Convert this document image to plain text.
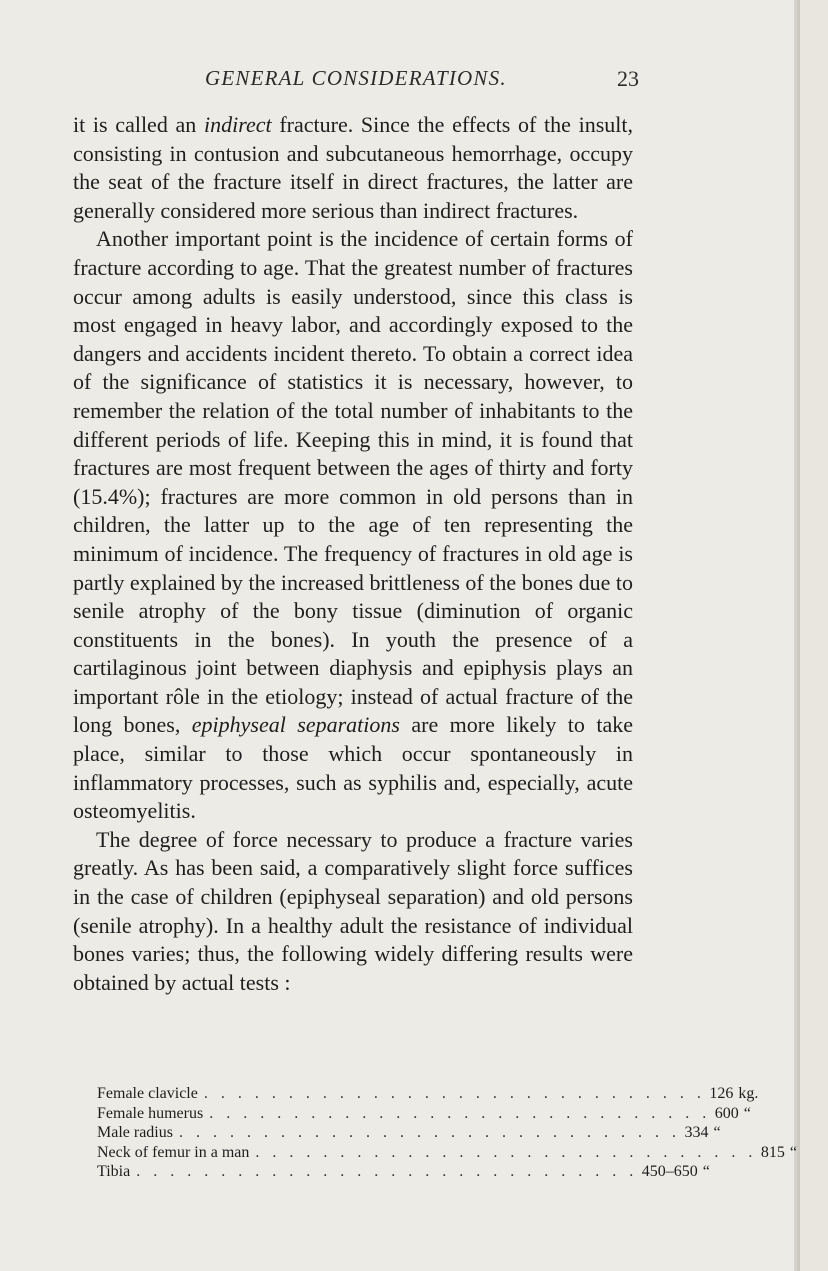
GENERAL CONSIDERATIONS.	23

it is called an indirect fracture. Since the effects of the insult, consisting in contusion and subcutaneous hemorrhage, occupy the seat of the fracture itself in direct fractures, the latter are generally considered more serious than indirect fractures.

Another important point is the incidence of certain forms of fracture according to age. That the greatest number of fractures occur among adults is easily understood, since this class is most engaged in heavy labor, and accordingly exposed to the dangers and accidents incident thereto. To obtain a correct idea of the significance of statistics it is necessary, however, to remember the relation of the total number of inhabitants to the different periods of life. Keeping this in mind, it is found that fractures are most frequent between the ages of thirty and forty (15.4%); fractures are more common in old persons than in children, the latter up to the age of ten representing the minimum of incidence. The frequency of fractures in old age is partly explained by the increased brittleness of the bones due to senile atrophy of the bony tissue (diminution of organic constituents in the bones). In youth the presence of a cartilaginous joint between diaphysis and epiphysis plays an important rôle in the etiology; instead of actual fracture of the long bones, epiphyseal separations are more likely to take place, similar to those which occur spontaneously in inflammatory processes, such as syphilis and, especially, acute osteomyelitis.

The degree of force necessary to produce a fracture varies greatly. As has been said, a comparatively slight force suffices in the case of children (epiphyseal separation) and old persons (senile atrophy). In a healthy adult the resistance of individual bones varies; thus, the following widely differing results were obtained by actual tests :

Female clavicle . . . . . . . . . . . . . . . . . . . . . . . . . . . . . . 126 kg.
Female humerus . . . . . . . . . . . . . . . . . . . . . . . . . . . . . . 600 “
Male radius . . . . . . . . . . . . . . . . . . . . . . . . . . . . . . 334 “
Neck of femur in a man . . . . . . . . . . . . . . . . . . . . . . . . . . . . . . 815 “
Tibia . . . . . . . . . . . . . . . . . . . . . . . . . . . . . . 450–650 “
